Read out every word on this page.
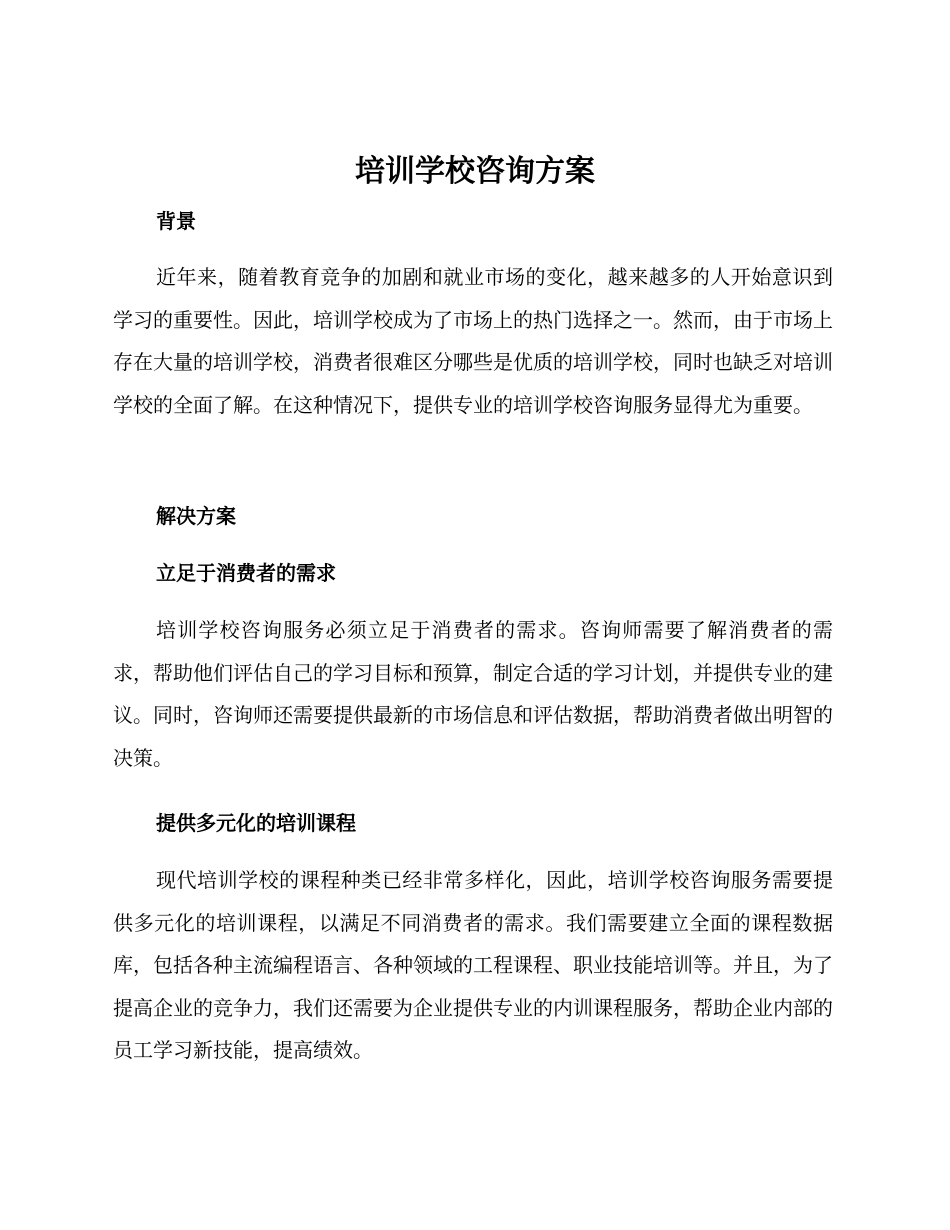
培训学校咨询方案
背景

近年来，随着教育竞争的加剧和就业市场的变化，越来越多的人开始意识到学习的重要性。因此，培训学校成为了市场上的热门选择之一。然而，由于市场上存在大量的培训学校，消费者很难区分哪些是优质的培训学校，同时也缺乏对培训学校的全面了解。在这种情况下，提供专业的培训学校咨询服务显得尤为重要。

解决方案
立足于消费者的需求

培训学校咨询服务必须立足于消费者的需求。咨询师需要了解消费者的需求，帮助他们评估自己的学习目标和预算，制定合适的学习计划，并提供专业的建议。同时，咨询师还需要提供最新的市场信息和评估数据，帮助消费者做出明智的决策。

提供多元化的培训课程

现代培训学校的课程种类已经非常多样化，因此，培训学校咨询服务需要提供多元化的培训课程，以满足不同消费者的需求。我们需要建立全面的课程数据库，包括各种主流编程语言、各种领域的工程课程、职业技能培训等。并且，为了提高企业的竞争力，我们还需要为企业提供专业的内训课程服务，帮助企业内部的员工学习新技能，提高绩效。
